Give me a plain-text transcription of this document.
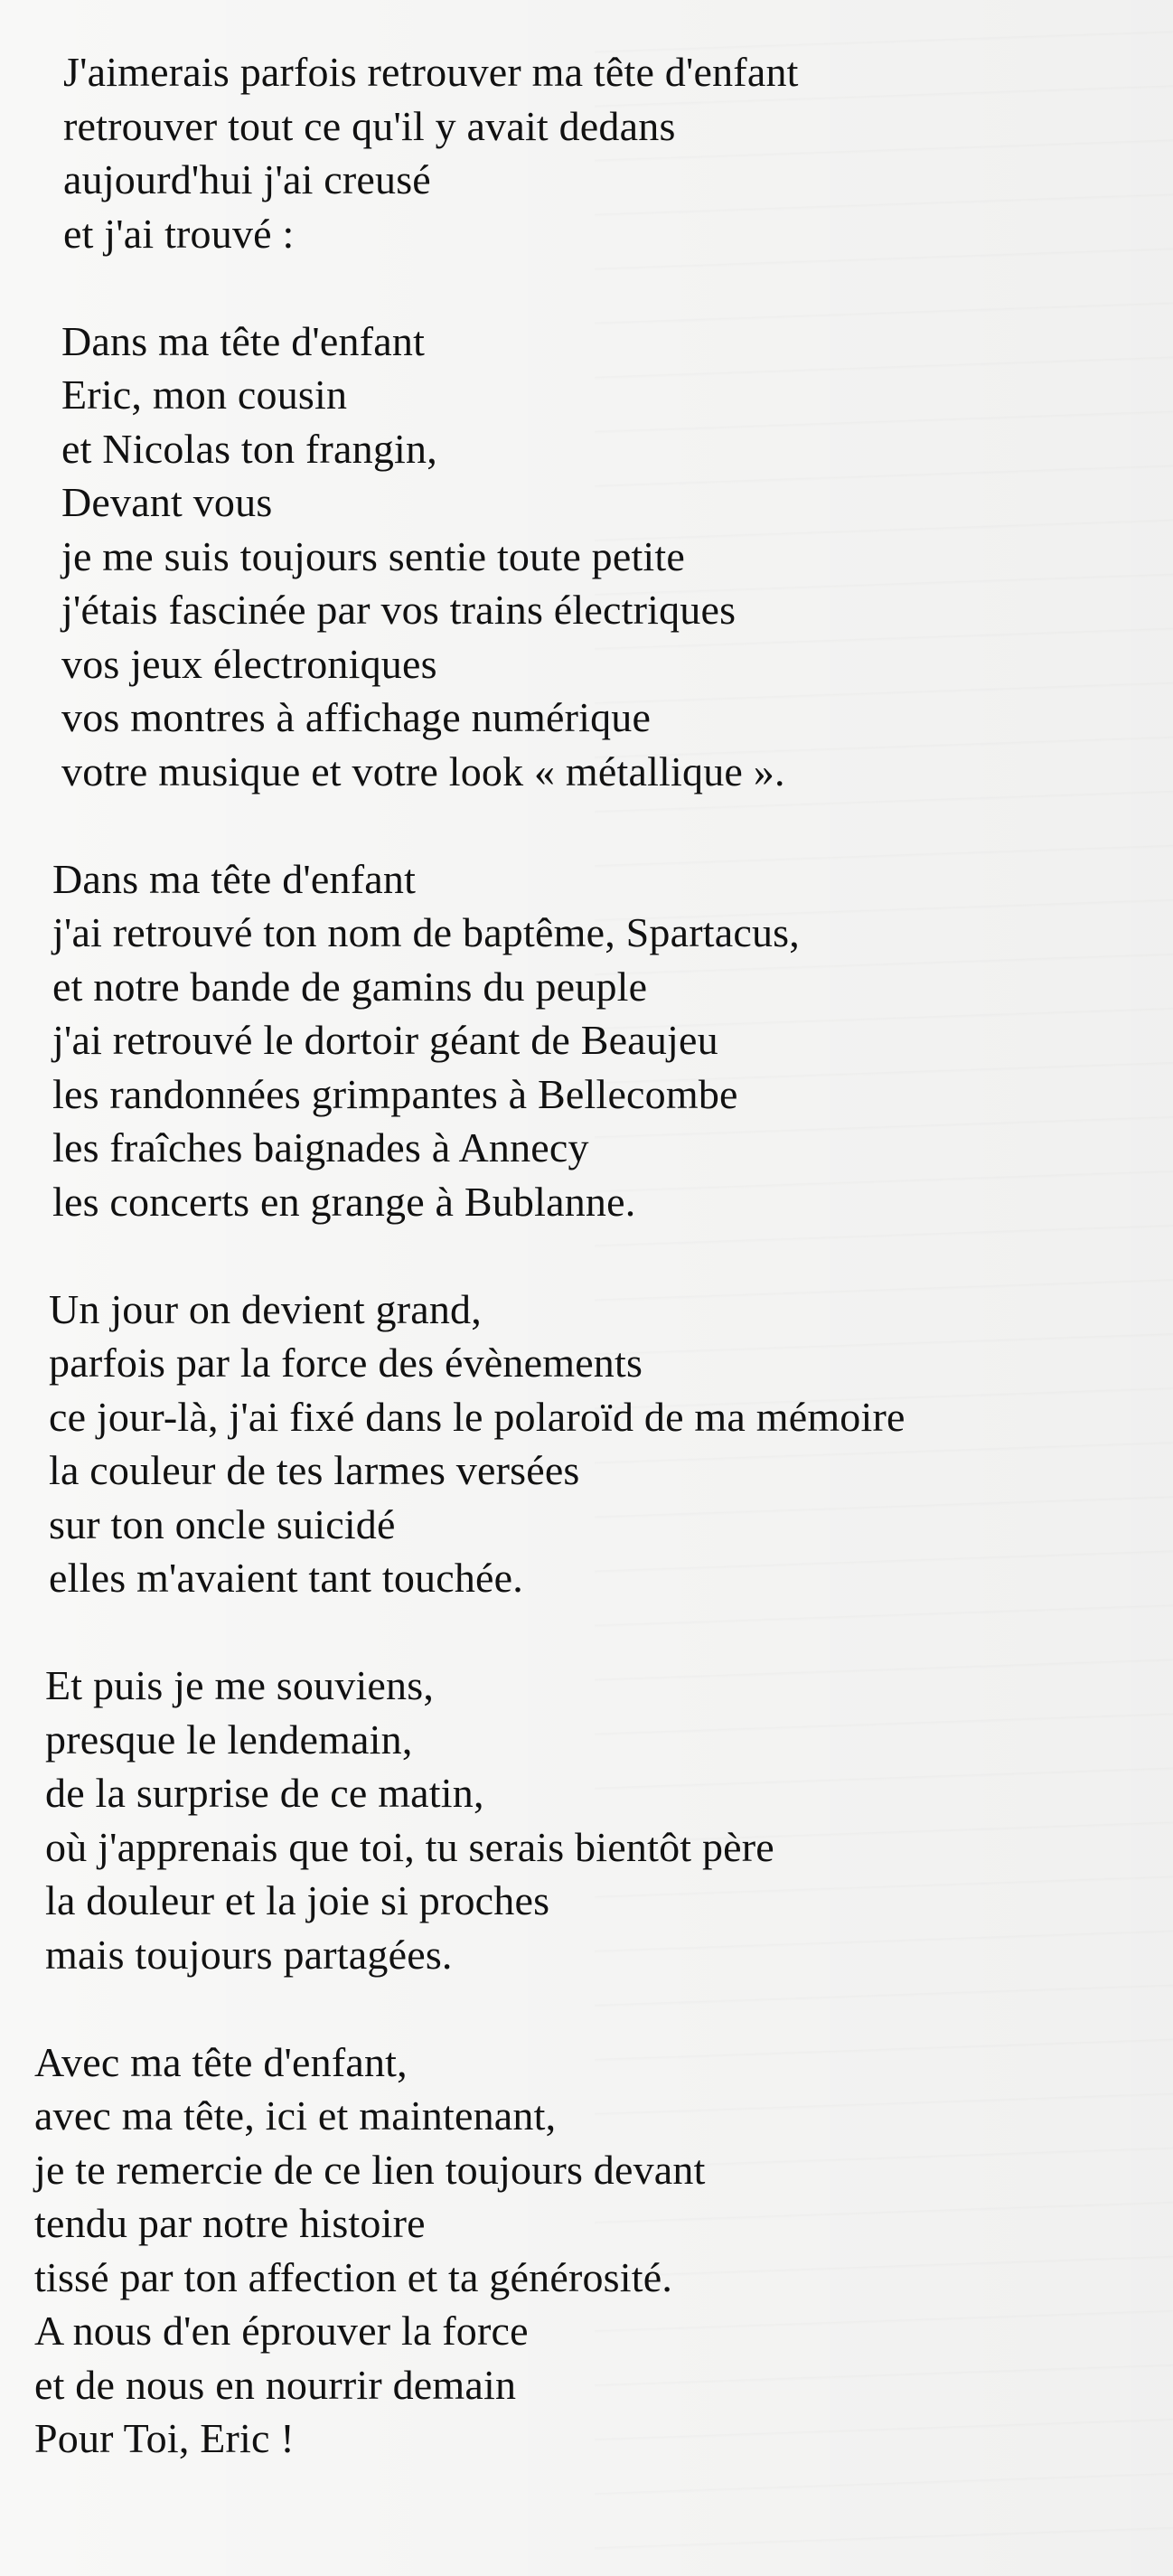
J'aimerais parfois retrouver ma tête d'enfant
retrouver tout ce qu'il y avait dedans
aujourd'hui j'ai creusé
et j'ai trouvé :
Dans ma tête d'enfant
Eric, mon cousin
et Nicolas ton frangin,
Devant vous
je me suis toujours sentie toute petite
j'étais fascinée par vos trains électriques
vos jeux électroniques
vos montres à affichage numérique
votre musique et votre look « métallique ».
Dans ma tête d'enfant
j'ai retrouvé ton nom de baptême, Spartacus,
et notre bande de gamins du peuple
j'ai retrouvé le dortoir géant de Beaujeu
les randonnées grimpantes à Bellecombe
les fraîches baignades à Annecy
les concerts en grange à Bublanne.
Un jour on devient grand,
parfois par la force des évènements
ce jour-là, j'ai fixé dans le polaroïd de ma mémoire
la couleur de tes larmes versées
sur ton oncle suicidé
elles m'avaient tant touchée.
Et puis je me souviens,
presque le lendemain,
de la surprise de ce matin,
où j'apprenais que toi, tu serais bientôt père
la douleur et la joie si proches
mais toujours partagées.
Avec ma tête d'enfant,
avec ma tête, ici et maintenant,
je te remercie de ce lien toujours devant
tendu par notre histoire
tissé par ton affection et ta générosité.
A nous d'en éprouver la force
et de nous en nourrir demain
Pour Toi, Eric !
